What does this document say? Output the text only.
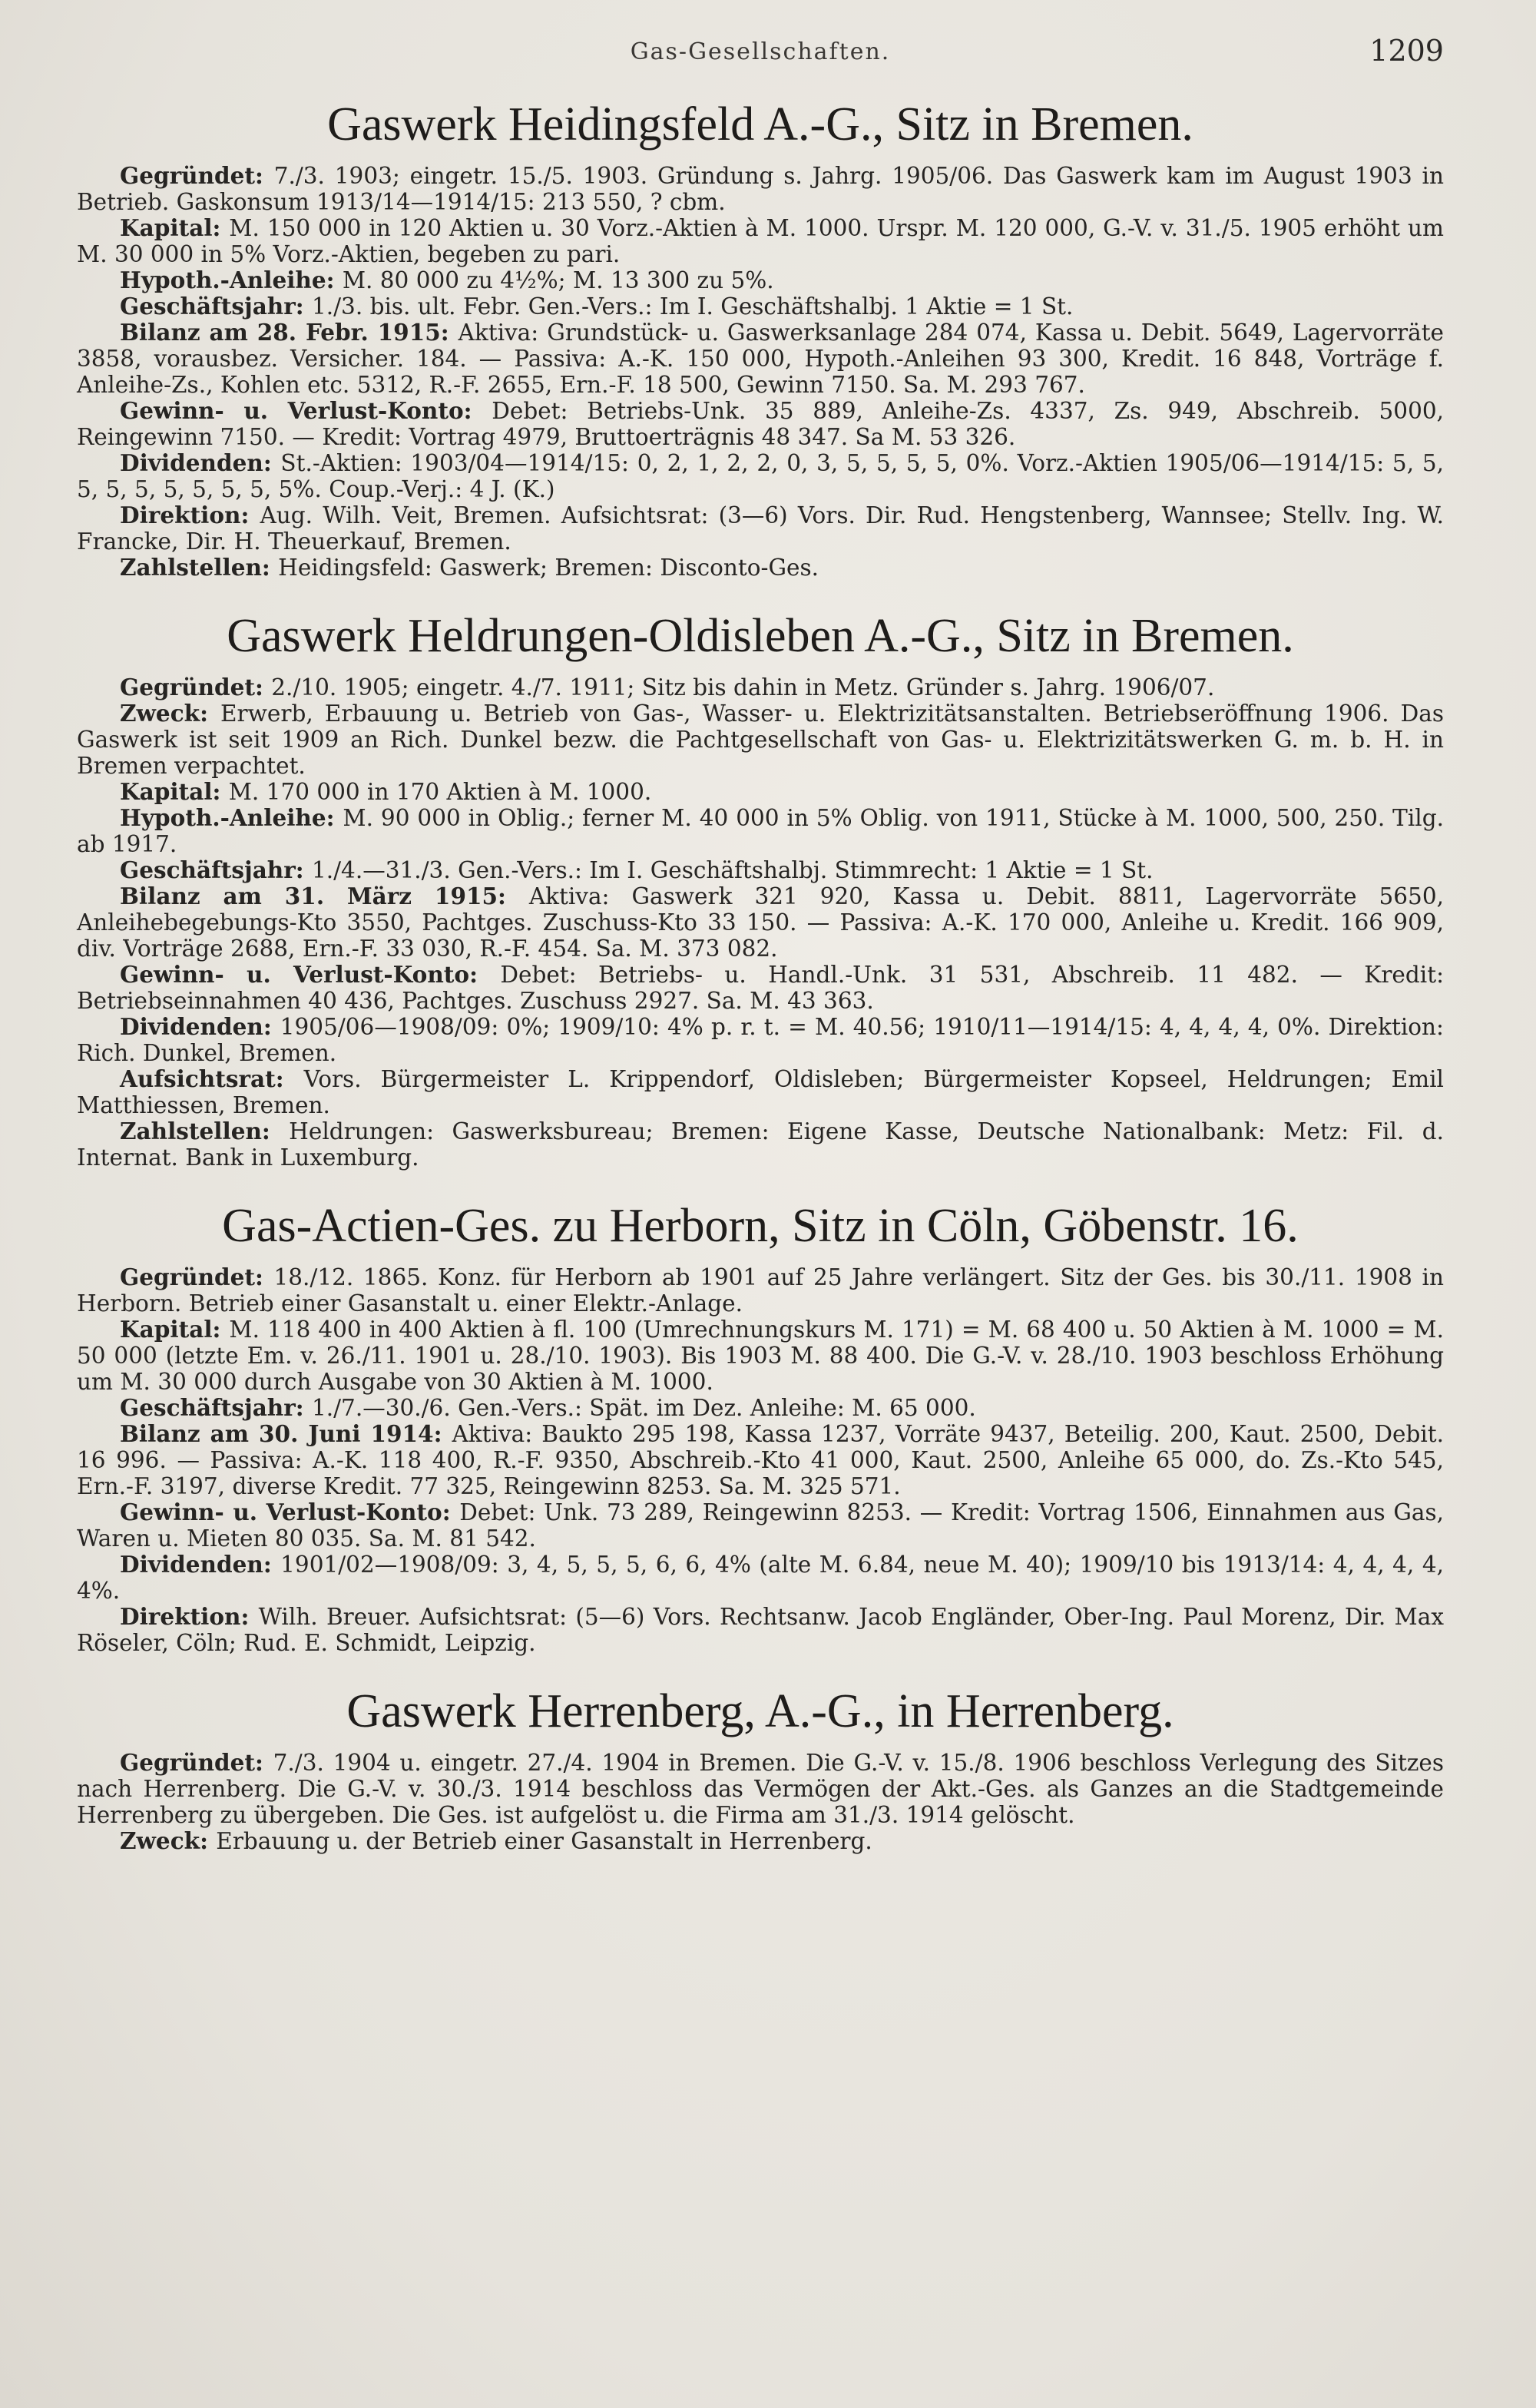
Gas-Gesellschaften.	1209
Gaswerk Heidingsfeld A.-G., Sitz in Bremen.

Gegründet: 7./3. 1903; eingetr. 15./5. 1903. Gründung s. Jahrg. 1905/06. Das Gaswerk kam im August 1903 in Betrieb. Gaskonsum 1913/14—1914/15: 213 550, ? cbm.

Kapital: M. 150 000 in 120 Aktien u. 30 Vorz.-Aktien à M. 1000. Urspr. M. 120 000, G.-V. v. 31./5. 1905 erhöht um M. 30 000 in 5% Vorz.-Aktien, begeben zu pari.

Hypoth.-Anleihe: M. 80 000 zu 4½%; M. 13 300 zu 5%.

Geschäftsjahr: 1./3. bis. ult. Febr. Gen.-Vers.: Im I. Geschäftshalbj. 1 Aktie = 1 St.

Bilanz am 28. Febr. 1915: Aktiva: Grundstück- u. Gaswerksanlage 284 074, Kassa u. Debit. 5649, Lagervorräte 3858, vorausbez. Versicher. 184. — Passiva: A.-K. 150 000, Hypoth.-Anleihen 93 300, Kredit. 16 848, Vorträge f. Anleihe-Zs., Kohlen etc. 5312, R.-F. 2655, Ern.-F. 18 500, Gewinn 7150. Sa. M. 293 767.

Gewinn- u. Verlust-Konto: Debet: Betriebs-Unk. 35 889, Anleihe-Zs. 4337, Zs. 949, Abschreib. 5000, Reingewinn 7150. — Kredit: Vortrag 4979, Bruttoerträgnis 48 347. Sa M. 53 326.

Dividenden: St.-Aktien: 1903/04—1914/15: 0, 2, 1, 2, 2, 0, 3, 5, 5, 5, 5, 0%. Vorz.-Aktien 1905/06—1914/15: 5, 5, 5, 5, 5, 5, 5, 5, 5, 5%. Coup.-Verj.: 4 J. (K.)

Direktion: Aug. Wilh. Veit, Bremen. Aufsichtsrat: (3—6) Vors. Dir. Rud. Hengstenberg, Wannsee; Stellv. Ing. W. Francke, Dir. H. Theuerkauf, Bremen.

Zahlstellen: Heidingsfeld: Gaswerk; Bremen: Disconto-Ges.

Gaswerk Heldrungen-Oldisleben A.-G., Sitz in Bremen.

Gegründet: 2./10. 1905; eingetr. 4./7. 1911; Sitz bis dahin in Metz. Gründer s. Jahrg. 1906/07.

Zweck: Erwerb, Erbauung u. Betrieb von Gas-, Wasser- u. Elektrizitätsanstalten. Betriebseröffnung 1906. Das Gaswerk ist seit 1909 an Rich. Dunkel bezw. die Pachtgesellschaft von Gas- u. Elektrizitätswerken G. m. b. H. in Bremen verpachtet.

Kapital: M. 170 000 in 170 Aktien à M. 1000.

Hypoth.-Anleihe: M. 90 000 in Oblig.; ferner M. 40 000 in 5% Oblig. von 1911, Stücke à M. 1000, 500, 250. Tilg. ab 1917.

Geschäftsjahr: 1./4.—31./3. Gen.-Vers.: Im I. Geschäftshalbj. Stimmrecht: 1 Aktie = 1 St.

Bilanz am 31. März 1915: Aktiva: Gaswerk 321 920, Kassa u. Debit. 8811, Lagervorräte 5650, Anleihebegebungs-Kto 3550, Pachtges. Zuschuss-Kto 33 150. — Passiva: A.-K. 170 000, Anleihe u. Kredit. 166 909, div. Vorträge 2688, Ern.-F. 33 030, R.-F. 454. Sa. M. 373 082.

Gewinn- u. Verlust-Konto: Debet: Betriebs- u. Handl.-Unk. 31 531, Abschreib. 11 482. — Kredit: Betriebseinnahmen 40 436, Pachtges. Zuschuss 2927. Sa. M. 43 363.

Dividenden: 1905/06—1908/09: 0%; 1909/10: 4% p. r. t. = M. 40.56; 1910/11—1914/15: 4, 4, 4, 4, 0%. Direktion: Rich. Dunkel, Bremen.

Aufsichtsrat: Vors. Bürgermeister L. Krippendorf, Oldisleben; Bürgermeister Kopseel, Heldrungen; Emil Matthiessen, Bremen.

Zahlstellen: Heldrungen: Gaswerksbureau; Bremen: Eigene Kasse, Deutsche Nationalbank: Metz: Fil. d. Internat. Bank in Luxemburg.

Gas-Actien-Ges. zu Herborn, Sitz in Cöln, Göbenstr. 16.

Gegründet: 18./12. 1865. Konz. für Herborn ab 1901 auf 25 Jahre verlängert. Sitz der Ges. bis 30./11. 1908 in Herborn. Betrieb einer Gasanstalt u. einer Elektr.-Anlage.

Kapital: M. 118 400 in 400 Aktien à fl. 100 (Umrechnungskurs M. 171) = M. 68 400 u. 50 Aktien à M. 1000 = M. 50 000 (letzte Em. v. 26./11. 1901 u. 28./10. 1903). Bis 1903 M. 88 400. Die G.-V. v. 28./10. 1903 beschloss Erhöhung um M. 30 000 durch Ausgabe von 30 Aktien à M. 1000.

Geschäftsjahr: 1./7.—30./6. Gen.-Vers.: Spät. im Dez. Anleihe: M. 65 000.

Bilanz am 30. Juni 1914: Aktiva: Baukto 295 198, Kassa 1237, Vorräte 9437, Beteilig. 200, Kaut. 2500, Debit. 16 996. — Passiva: A.-K. 118 400, R.-F. 9350, Abschreib.-Kto 41 000, Kaut. 2500, Anleihe 65 000, do. Zs.-Kto 545, Ern.-F. 3197, diverse Kredit. 77 325, Reingewinn 8253. Sa. M. 325 571.

Gewinn- u. Verlust-Konto: Debet: Unk. 73 289, Reingewinn 8253. — Kredit: Vortrag 1506, Einnahmen aus Gas, Waren u. Mieten 80 035. Sa. M. 81 542.

Dividenden: 1901/02—1908/09: 3, 4, 5, 5, 5, 6, 6, 4% (alte M. 6.84, neue M. 40); 1909/10 bis 1913/14: 4, 4, 4, 4, 4%.

Direktion: Wilh. Breuer. Aufsichtsrat: (5—6) Vors. Rechtsanw. Jacob Engländer, Ober-Ing. Paul Morenz, Dir. Max Röseler, Cöln; Rud. E. Schmidt, Leipzig.

Gaswerk Herrenberg, A.-G., in Herrenberg.

Gegründet: 7./3. 1904 u. eingetr. 27./4. 1904 in Bremen. Die G.-V. v. 15./8. 1906 beschloss Verlegung des Sitzes nach Herrenberg. Die G.-V. v. 30./3. 1914 beschloss das Vermögen der Akt.-Ges. als Ganzes an die Stadtgemeinde Herrenberg zu übergeben. Die Ges. ist aufgelöst u. die Firma am 31./3. 1914 gelöscht.

Zweck: Erbauung u. der Betrieb einer Gasanstalt in Herrenberg.
